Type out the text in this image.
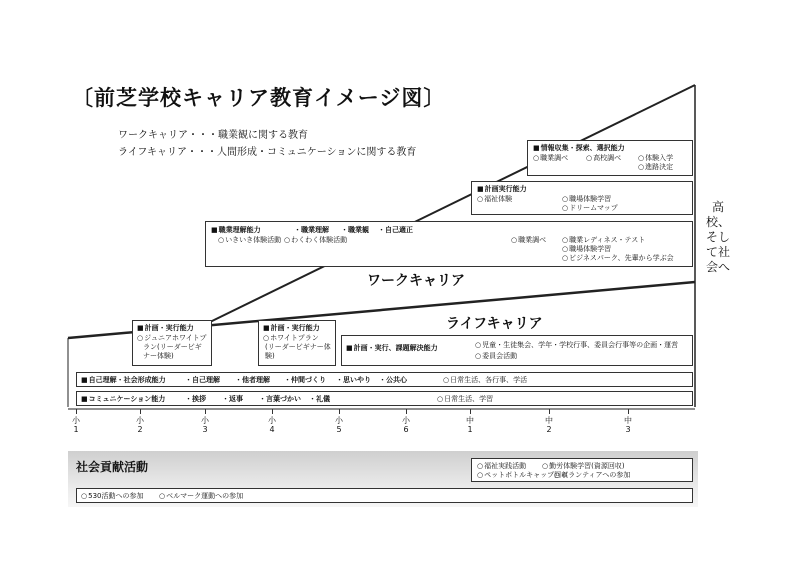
〔前芝学校キャリア教育イメージ図〕
ワークキャリア・・・職業観に関する教育
ライフキャリア・・・人間形成・コミュニケーションに関する教育
高校、そして社会へ
■ 情報収集・探索、選択能力
○ 職業調べ	○ 高校調べ	○ 体験入学
○ 進路決定
■ 計画実行能力
○ 福祉体験	○ 職場体験学習
○ ドリームマップ
■ 職業理解能力	・職業理解 ・職業観 ・自己適正
○ いきいき体験活動	○ わくわく体験活動	○ 職業調べ	○ 職業レディネス・テスト
○ 職場体験学習
○ ビジネスパーク、先輩から学ぶ会
ワークキャリア
ライフキャリア
■ 計画・実行能力
○ ジュニアホワイトプ
ラン(リーダービギ
ナー体験)
■ 計画・実行能力
○ ホワイトプラン
(リーダービギナー体
験)
■ 計画・実行、課題解決能力	○ 児童・生徒集会、学年・学校行事、委員会行事等の企画・運営
○ 委員会活動
■ 自己理解・社会形成能力	・自己理解 ・他者理解 ・仲間づくり ・思いやり ・公共心	○ 日常生活、各行事、学活
■ コミュニケーション能力	・挨拶 ・返事 ・言葉づかい ・礼儀	○ 日常生活、学習
小
1
小
2
小
3
小
4
小
5
小
6
中
1
中
2
中
3
社会貢献活動	○ 福祉実践活動	○ 勤労体験学習(資源回収)
○ ペットボトルキャップ回収
○ ボランティアへの参加
○ 530活動への参加	○ ベルマーク運動への参加
